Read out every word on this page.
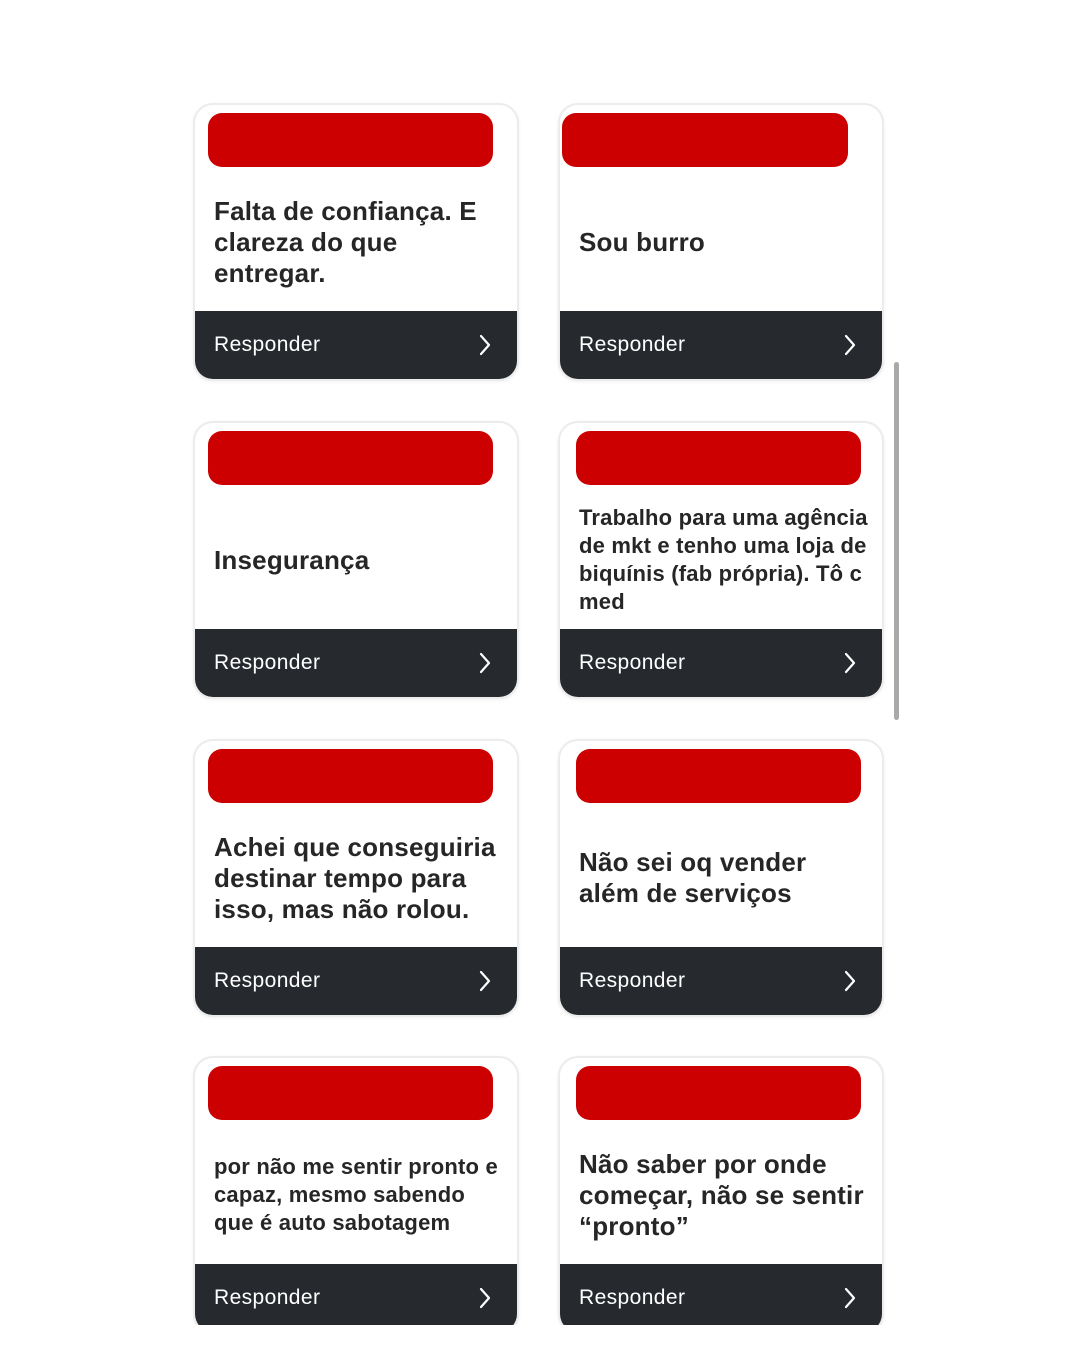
Falta de confiança. E clareza do que entregar.
Responder
Sou burro
Responder
Insegurança
Responder
Trabalho para uma agência de mkt e tenho uma loja de biquínis (fab própria). Tô c med
Responder
Achei que conseguiria destinar tempo para isso, mas não rolou.
Responder
Não sei oq vender além de serviços
Responder
por não me sentir pronto e capaz, mesmo sabendo que é auto sabotagem
Responder
Não saber por onde começar, não se sentir “pronto”
Responder
